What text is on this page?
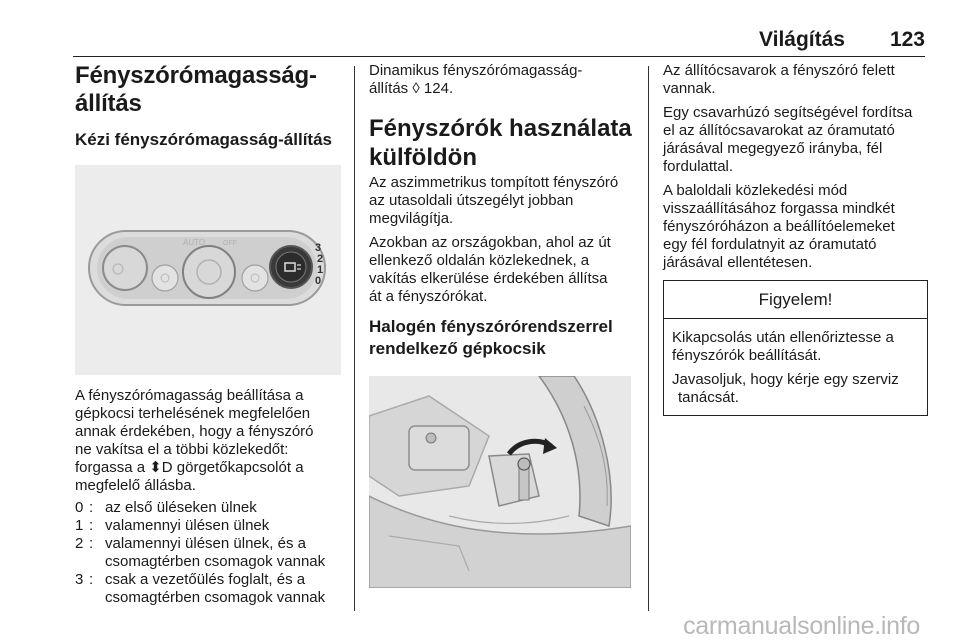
Világítás 123
Fényszórómagasság-állítás
Kézi fényszórómagasság-állítás
AUTO	OFF	3
2
1
0

A fényszórómagasság beállítása a

gépkocsi terhelésének megfelelően

annak érdekében, hogy a fényszóró

ne vakítsa el a többi közlekedőt:

forgassa a ⬍D görgetőkapcsolót a

megfelelő állásba.

0 : az első üléseken ülnek
1 : valamennyi ülésen ülnek
2 : valamennyi ülésen ülnek, és a
csomagtérben csomagok vannak
3 : csak a vezetőülés foglalt, és a
csomagtérben csomagok vannak

Dinamikus fényszórómagasság-

állítás ◊ 124.

Fényszórók használata
külföldön

Az aszimmetrikus tompított fényszóró

az utasoldali útszegélyt jobban

megvilágítja.

Azokban az országokban, ahol az út

ellenkező oldalán közlekednek, a

vakítás elkerülése érdekében állítsa

át a fényszórókat.

Halogén fényszórórendszerrel
rendelkező gépkocsik

Az állítócsavarok a fényszóró felett

vannak.

Egy csavarhúzó segítségével fordítsa

el az állítócsavarokat az óramutató

járásával megegyező irányba, fél

fordulattal.

A baloldali közlekedési mód

visszaállításához forgassa mindkét

fényszóróházon a beállítóelemeket

egy fél fordulatnyit az óramutató

járásával ellentétesen.

Figyelem!

Kikapcsolás után ellenőriztesse a

fényszórók beállítását.

Javasoljuk, hogy kérje egy szerviz

tanácsát.

carmanualsonline.info
